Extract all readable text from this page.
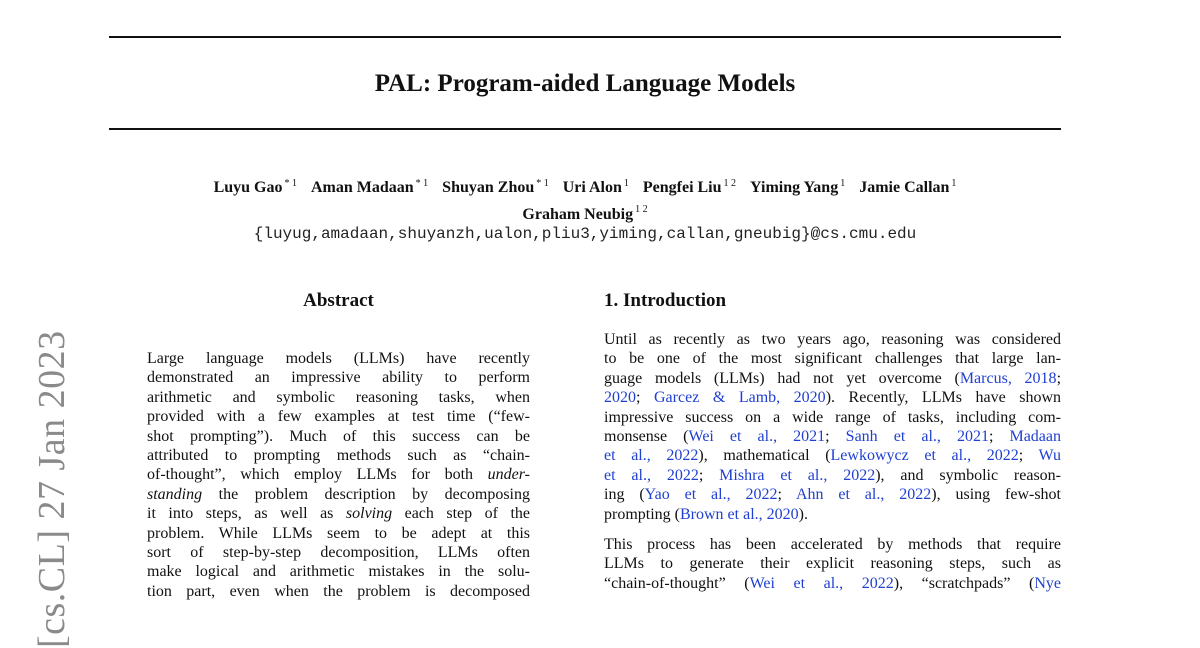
PAL: Program-aided Language Models
Luyu Gao $^{* 1}$ Aman Madaan $^{* 1}$ Shuyan Zhou $^{* 1}$ Uri Alon $^1$ Pengfei Liu $^{1 2}$ Yiming Yang $^1$ Jamie Callan $^1$
Graham Neubig $^{1 2}$
{luyug,amadaan,shuyanzh,ualon,pliu3,yiming,callan,gneubig}@cs.cmu.edu
[cs.CL] 27 Jan 2023
Abstract
Large language models (LLMs) have recently
demonstrated an impressive ability to perform
arithmetic and symbolic reasoning tasks, when
provided with a few examples at test time (“few-
shot prompting”). Much of this success can be
attributed to prompting methods such as “chain-
of-thought”, which employ LLMs for both under-
standing the problem description by decomposing
it into steps, as well as solving each step of the
problem. While LLMs seem to be adept at this
sort of step-by-step decomposition, LLMs often
make logical and arithmetic mistakes in the solu-
tion part, even when the problem is decomposed
1. Introduction
Until as recently as two years ago, reasoning was considered
to be one of the most significant challenges that large lan-
guage models (LLMs) had not yet overcome (Marcus, 2018;
2020; Garcez & Lamb, 2020). Recently, LLMs have shown
impressive success on a wide range of tasks, including com-
monsense (Wei et al., 2021; Sanh et al., 2021; Madaan
et al., 2022), mathematical (Lewkowycz et al., 2022; Wu
et al., 2022; Mishra et al., 2022), and symbolic reason-
ing (Yao et al., 2022; Ahn et al., 2022), using few-shot
prompting (Brown et al., 2020).
This process has been accelerated by methods that require
LLMs to generate their explicit reasoning steps, such as
“chain-of-thought” (Wei et al., 2022), “scratchpads” (Nye
